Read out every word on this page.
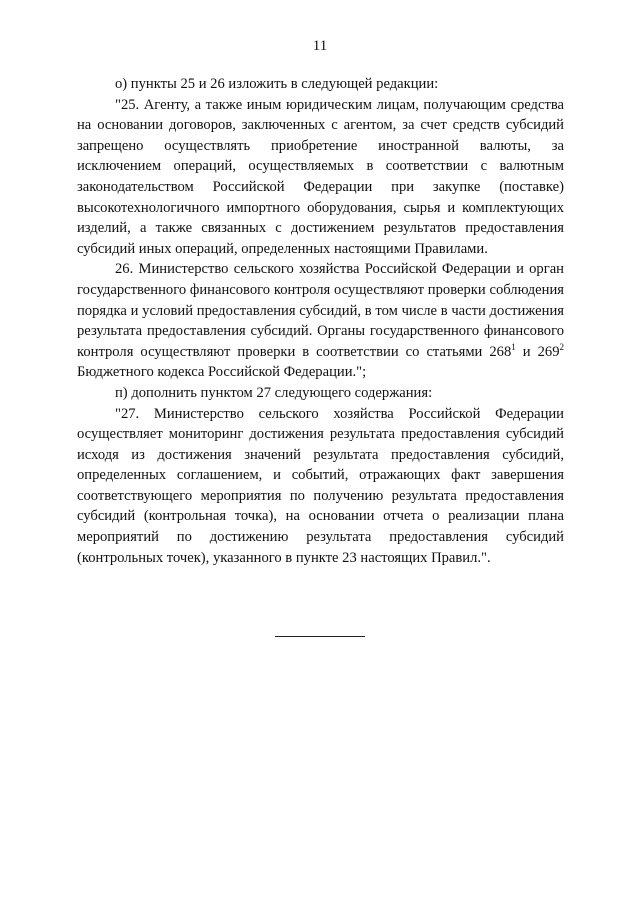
11

о) пункты 25 и 26 изложить в следующей редакции:

"25. Агенту, а также иным юридическим лицам, получающим средства на основании договоров, заключенных с агентом, за счет средств субсидий запрещено осуществлять приобретение иностранной валюты, за исключением операций, осуществляемых в соответствии с валютным законодательством Российской Федерации при закупке (поставке) высокотехнологичного импортного оборудования, сырья и комплектующих изделий, а также связанных с достижением результатов предоставления субсидий иных операций, определенных настоящими Правилами.

26. Министерство сельского хозяйства Российской Федерации и орган государственного финансового контроля осуществляют проверки соблюдения порядка и условий предоставления субсидий, в том числе в части достижения результата предоставления субсидий. Органы государственного финансового контроля осуществляют проверки в соответствии со статьями $268^1$ и $269^2$ Бюджетного кодекса Российской Федерации.";

п) дополнить пунктом 27 следующего содержания:

"27. Министерство сельского хозяйства Российской Федерации осуществляет мониторинг достижения результата предоставления субсидий исходя из достижения значений результата предоставления субсидий, определенных соглашением, и событий, отражающих факт завершения соответствующего мероприятия по получению результата предоставления субсидий (контрольная точка), на основании отчета о реализации плана мероприятий по достижению результата предоставления субсидий (контрольных точек), указанного в пункте 23 настоящих Правил.".
